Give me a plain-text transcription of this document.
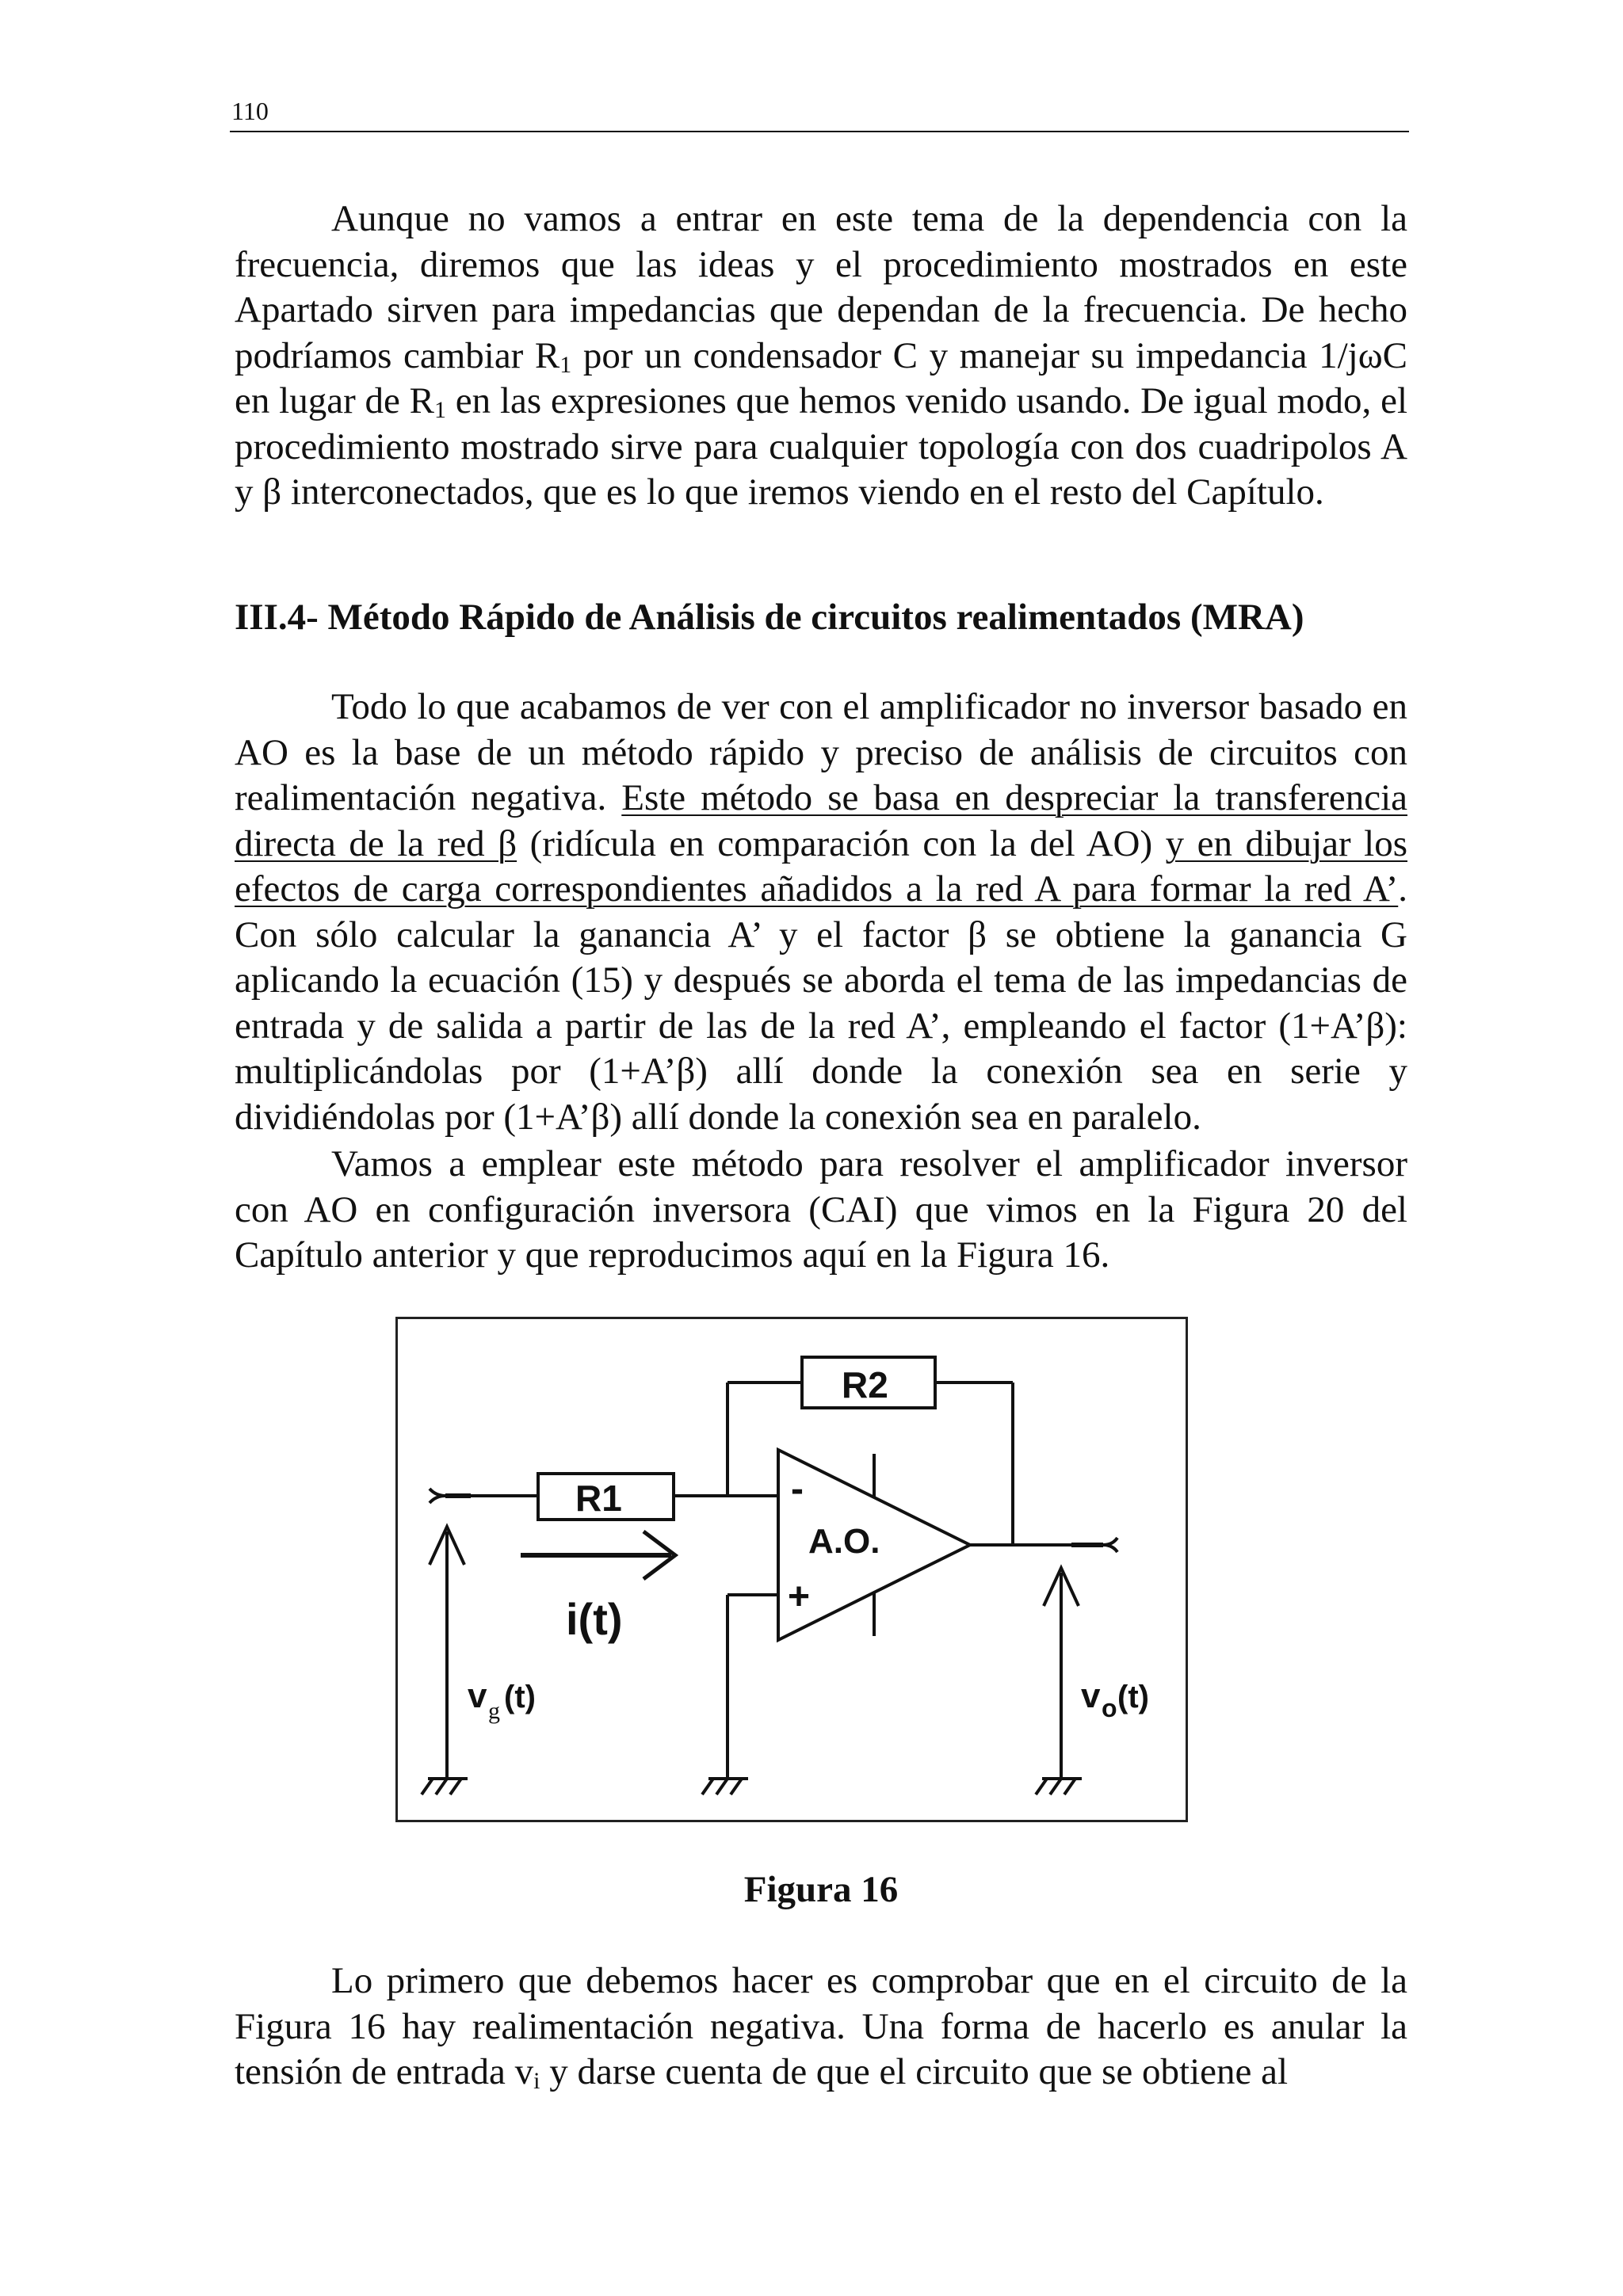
110

Aunque no vamos a entrar en este tema de la dependencia con la frecuencia, diremos que las ideas y el procedimiento mostrados en este Apartado sirven para impedancias que dependan de la frecuencia. De hecho podríamos cambiar $R_1$ por un condensador C y manejar su impedancia 1/jωC en lugar de $R_1$ en las expresiones que hemos venido usando. De igual modo, el procedimiento mostrado sirve para cualquier topología con dos cuadripolos A y β interconectados, que es lo que iremos viendo en el resto del Capítulo.

III.4- Método Rápido de Análisis de circuitos realimentados (MRA)

Todo lo que acabamos de ver con el amplificador no inversor basado en AO es la base de un método rápido y preciso de análisis de circuitos con realimentación negativa. Este método se basa en despreciar la transferencia directa de la red β (ridícula en comparación con la del AO) y en dibujar los efectos de carga correspondientes añadidos a la red A para formar la red A’. Con sólo calcular la ganancia A’ y el factor β se obtiene la ganancia G aplicando la ecuación (15) y después se aborda el tema de las impedancias de entrada y de salida a partir de las de la red A’, empleando el factor (1+A’β): multiplicándolas por (1+A’β) allí donde la conexión sea en serie y dividiéndolas por (1+A’β) allí donde la conexión sea en paralelo.

Vamos a emplear este método para resolver el amplificador inversor con AO en configuración inversora (CAI) que vimos en la Figura 20 del Capítulo anterior y que reproducimos aquí en la Figura 16.

R2
R1	-
A.O.
+
i(t)
v g (t)	v o (t)

Figura 16

Lo primero que debemos hacer es comprobar que en el circuito de la Figura 16 hay realimentación negativa. Una forma de hacerlo es anular la tensión de entrada $v_i$ y darse cuenta de que el circuito que se obtiene al
